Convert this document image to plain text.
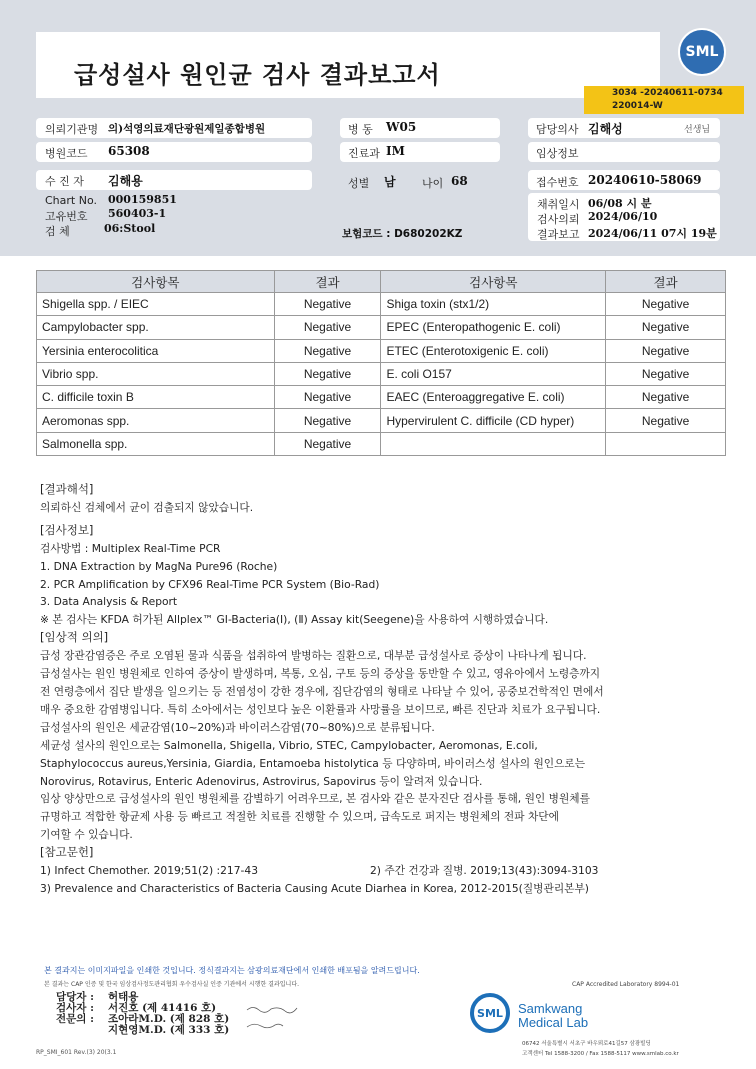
급성설사 원인균 검사 결과보고서
SML
3034 -20240611-0734
220014-W
의뢰기관명 의)석영의료재단광원제일종합병원	병 동 W05	담당의사 김해성	선생님
병원코드 65308	진료과 IM	임상정보
수 진 자 김해용	성별 남 나이 68	접수번호 20240610-58069
Chart No. 000159851
고유번호 560403-1
검 체	06:Stool	보험코드 : D680202KZ
채취일시 06/08 시 분
검사의뢰 2024/06/10
결과보고 2024/06/11 07시 19분
검사항목	결과	검사항목	결과
Shigella spp. / EIEC	Negative	Shiga toxin (stx1/2)	Negative
Campylobacter spp.	Negative	EPEC (Enteropathogenic E. coli)	Negative
Yersinia enterocolitica	Negative	ETEC (Enterotoxigenic E. coli)	Negative
Vibrio spp.	Negative	E. coli O157	Negative
C. difficile toxin B	Negative	EAEC (Enteroaggregative E. coli)	Negative
Aeromonas spp.	Negative	Hypervirulent C. difficile (CD hyper)	Negative
Salmonella spp.	Negative		
[결과해석]
의뢰하신 검체에서 균이 검출되지 않았습니다.
[검사정보]
검사방법 : Multiplex Real-Time PCR
1. DNA Extraction by MagNa Pure96 (Roche)
2. PCR Amplification by CFX96 Real-Time PCR System (Bio-Rad)
3. Data Analysis & Report
※ 본 검사는 KFDA 허가된 Allplex™ GI-Bacteria(Ⅰ), (Ⅱ) Assay kit(Seegene)을 사용하여 시행하였습니다.
[임상적 의의]
급성 장관감염증은 주로 오염된 물과 식품을 섭취하여 발병하는 질환으로, 대부분 급성설사로 증상이 나타나게 됩니다.
급성설사는 원인 병원체로 인하여 증상이 발생하며, 복통, 오심, 구토 등의 증상을 동반할 수 있고, 영유아에서 노령층까지
전 연령층에서 집단 발생을 일으키는 등 전염성이 강한 경우에, 집단감염의 형태로 나타날 수 있어, 공중보건학적인 면에서
매우 중요한 감염병입니다. 특히 소아에서는 성인보다 높은 이환률과 사망률을 보이므로, 빠른 진단과 치료가 요구됩니다.
급성설사의 원인은 세균감염(10~20%)과 바이러스감염(70~80%)으로 분류됩니다.
세균성 설사의 원인으로는 Salmonella, Shigella, Vibrio, STEC, Campylobacter, Aeromonas, E.coli,
Staphylococcus aureus,Yersinia, Giardia, Entamoeba histolytica 등 다양하며, 바이러스성 설사의 원인으로는
Norovirus, Rotavirus, Enteric Adenovirus, Astrovirus, Sapovirus 등이 알려져 있습니다.
임상 양상만으로 급성설사의 원인 병원체를 감별하기 어려우므로, 본 검사와 같은 분자진단 검사를 통해, 원인 병원체를
규명하고 적합한 항균제 사용 등 빠르고 적절한 치료를 진행할 수 있으며, 급속도로 퍼지는 병원체의 전파 차단에
기여할 수 있습니다.
[참고문헌]
1) Infect Chemother. 2019;51(2) :217-43	2) 주간 건강과 질병. 2019;13(43):3094-3103
3) Prevalence and Characteristics of Bacteria Causing Acute Diarhea in Korea, 2012-2015(질병관리본부)
본 결과지는 이미지파일을 인쇄한 것입니다. 정식결과지는 삼광의료재단에서 인쇄한 배포됨을 알려드립니다.
본 결과는 CAP 인증 및 한국 임상검사정도관리협회 우수검사실 인증 기관에서 시행한 결과입니다.	CAP Accredited Laboratory 8994-01
담당자 : 허태용
검사자 : 서진호 (제 41416 호)
전문의 : 조아라M.D. (제 828 호)
지현영M.D. (제 333 호)
SML	Samkwang
Medical Lab
06742 서울특별시 서초구 바우뫼로41길57 삼광빌딩
고객센터 Tel 1588-3200 / Fax 1588-5117 www.smlab.co.kr
RP_SMI_601 Rev.(3) 20(3.1
